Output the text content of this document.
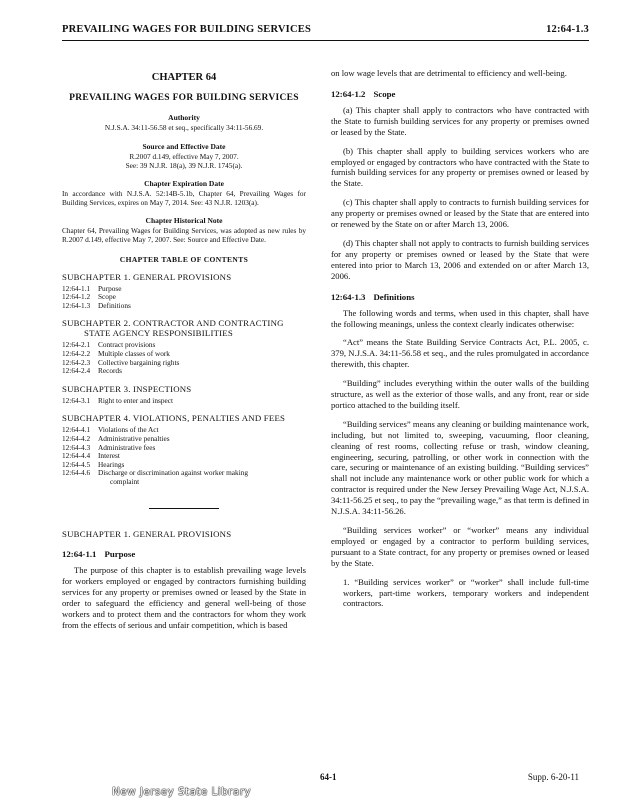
PREVAILING WAGES FOR BUILDING SERVICES	12:64-1.3
CHAPTER 64
PREVAILING WAGES FOR BUILDING SERVICES
Authority
N.J.S.A. 34:11-56.58 et seq., specifically 34:11-56.69.
Source and Effective Date
R.2007 d.149, effective May 7, 2007.
See: 39 N.J.R. 18(a), 39 N.J.R. 1745(a).
Chapter Expiration Date
In accordance with N.J.S.A. 52:14B-5.1b, Chapter 64, Prevailing Wages for Building Services, expires on May 7, 2014. See: 43 N.J.R. 1203(a).
Chapter Historical Note
Chapter 64, Prevailing Wages for Building Services, was adopted as new rules by R.2007 d.149, effective May 7, 2007. See: Source and Effective Date.
CHAPTER TABLE OF CONTENTS
SUBCHAPTER 1. GENERAL PROVISIONS
12:64-1.1	Purpose
12:64-1.2	Scope
12:64-1.3	Definitions
SUBCHAPTER 2. CONTRACTOR AND CONTRACTING
STATE AGENCY RESPONSIBILITIES
12:64-2.1	Contract provisions
12:64-2.2	Multiple classes of work
12:64-2.3	Collective bargaining rights
12:64-2.4	Records
SUBCHAPTER 3. INSPECTIONS
12:64-3.1	Right to enter and inspect
SUBCHAPTER 4. VIOLATIONS, PENALTIES AND FEES
12:64-4.1	Violations of the Act
12:64-4.2	Administrative penalties
12:64-4.3	Administrative fees
12:64-4.4	Interest
12:64-4.5	Hearings
12:64-4.6	Discharge or discrimination against worker making
complaint
SUBCHAPTER 1. GENERAL PROVISIONS
12:64-1.1 Purpose

The purpose of this chapter is to establish prevailing wage levels for workers employed or engaged by contractors furnishing building services for any property or premises owned or leased by the State in order to safeguard the efficiency and general well-being of those workers and to protect them and the contractors for whom they work from the effects of serious and unfair competition, which is based

on low wage levels that are detrimental to efficiency and well-being.

12:64-1.2 Scope

(a) This chapter shall apply to contractors who have contracted with the State to furnish building services for any property or premises owned or leased by the State.

(b) This chapter shall apply to building services workers who are employed or engaged by contractors who have contracted with the State to furnish building services for any property or premises owned or leased by the State.

(c) This chapter shall apply to contracts to furnish building services for any property or premises owned or leased by the State that are entered into or renewed by the State on or after March 13, 2006.

(d) This chapter shall not apply to contracts to furnish building services for any property or premises owned or leased by the State that were entered into prior to March 13, 2006 and extended on or after March 13, 2006.

12:64-1.3 Definitions

The following words and terms, when used in this chapter, shall have the following meanings, unless the context clearly indicates otherwise:

“Act” means the State Building Service Contracts Act, P.L. 2005, c. 379, N.J.S.A. 34:11-56.58 et seq., and the rules promulgated in accordance therewith, this chapter.

“Building” includes everything within the outer walls of the building structure, as well as the exterior of those walls, and any front, rear or side portico attached to the building itself.

“Building services” means any cleaning or building maintenance work, including, but not limited to, sweeping, vacuuming, floor cleaning, cleaning of rest rooms, collecting refuse or trash, window cleaning, engineering, securing, patrolling, or other work in connection with the care, securing or maintenance of an existing building. “Building services” shall not include any maintenance work or other public work for which a contractor is required under the New Jersey Prevailing Wage Act, N.J.S.A. 34:11-56.25 et seq., to pay the “prevailing wage,” as that term is defined in N.J.S.A. 34:11-56.26.

“Building services worker” or “worker” means any individual employed or engaged by a contractor to perform building services, pursuant to a State contract, for any property or premises owned or leased by the State.

1. “Building services worker” or “worker” shall include full-time workers, part-time workers, temporary workers and independent contractors.

64-1	Supp. 6-20-11
New Jersey State Library
